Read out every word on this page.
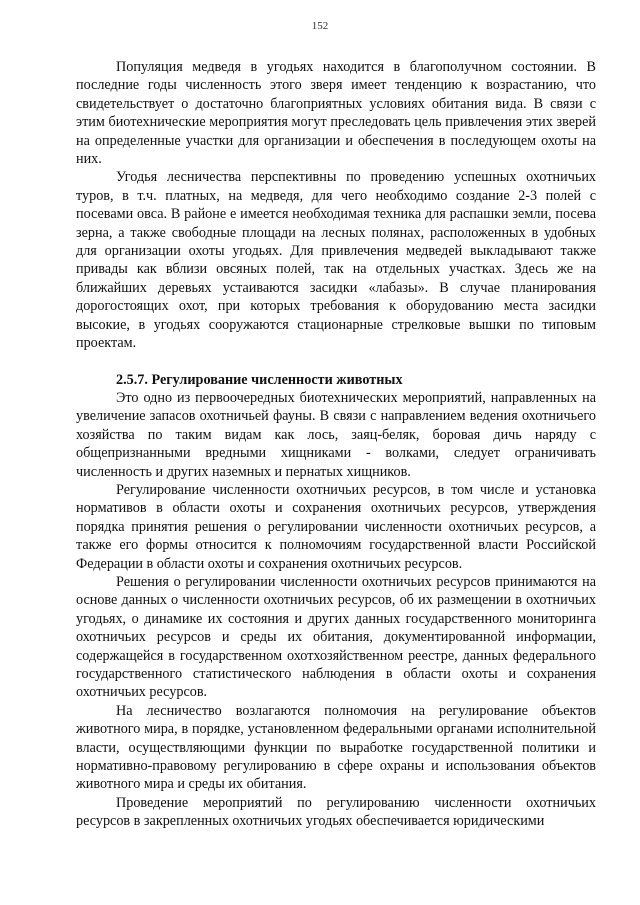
152

Популяция медведя в угодьях находится в благополучном состоянии. В последние годы численность этого зверя имеет тенденцию к возрастанию, что свидетельствует о достаточно благоприятных условиях обитания вида. В связи с этим биотехнические мероприятия могут преследовать цель привлечения этих зверей на определенные участки для организации и обеспечения в последующем охоты на них.

Угодья лесничества перспективны по проведению успешных охотничьих туров, в т.ч. платных, на медведя, для чего необходимо создание 2-3 полей с посевами овса. В районе е имеется необходимая техника для распашки земли, посева зерна, а также свободные площади на лесных полянах, расположенных в удобных для организации охоты угодьях. Для привлечения медведей выкладывают также привады как вблизи овсяных полей, так на отдельных участках. Здесь же на ближайших деревьях устаиваются засидки «лабазы». В случае планирования дорогостоящих охот, при которых требования к оборудованию места засидки высокие, в угодьях сооружаются стационарные стрелковые вышки по типовым проектам.

2.5.7. Регулирование численности животных

Это одно из первоочередных биотехнических мероприятий, направленных на увеличение запасов охотничьей фауны. В связи с направлением ведения охотничьего хозяйства по таким видам как лось, заяц-беляк, боровая дичь наряду с общепризнанными вредными хищниками - волками, следует ограничивать численность и других наземных и пернатых хищников.

Регулирование численности охотничьих ресурсов, в том числе и установка нормативов в области охоты и сохранения охотничьих ресурсов, утверждения порядка принятия решения о регулировании численности охотничьих ресурсов, а также его формы относится к полномочиям государственной власти Российской Федерации в области охоты и сохранения охотничьих ресурсов.

Решения о регулировании численности охотничьих ресурсов принимаются на основе данных о численности охотничьих ресурсов, об их размещении в охотничьих угодьях, о динамике их состояния и других данных государственного мониторинга охотничьих ресурсов и среды их обитания, документированной информации, содержащейся в государственном охотхозяйственном реестре, данных федерального государственного статистического наблюдения в области охоты и сохранения охотничьих ресурсов.

На лесничество возлагаются полномочия на регулирование объектов животного мира, в порядке, установленном федеральными органами исполнительной власти, осуществляющими функции по выработке государственной политики и нормативно-правовому регулированию в сфере охраны и использования объектов животного мира и среды их обитания.

Проведение мероприятий по регулированию численности охотничьих ресурсов в закрепленных охотничьих угодьях обеспечивается юридическими
